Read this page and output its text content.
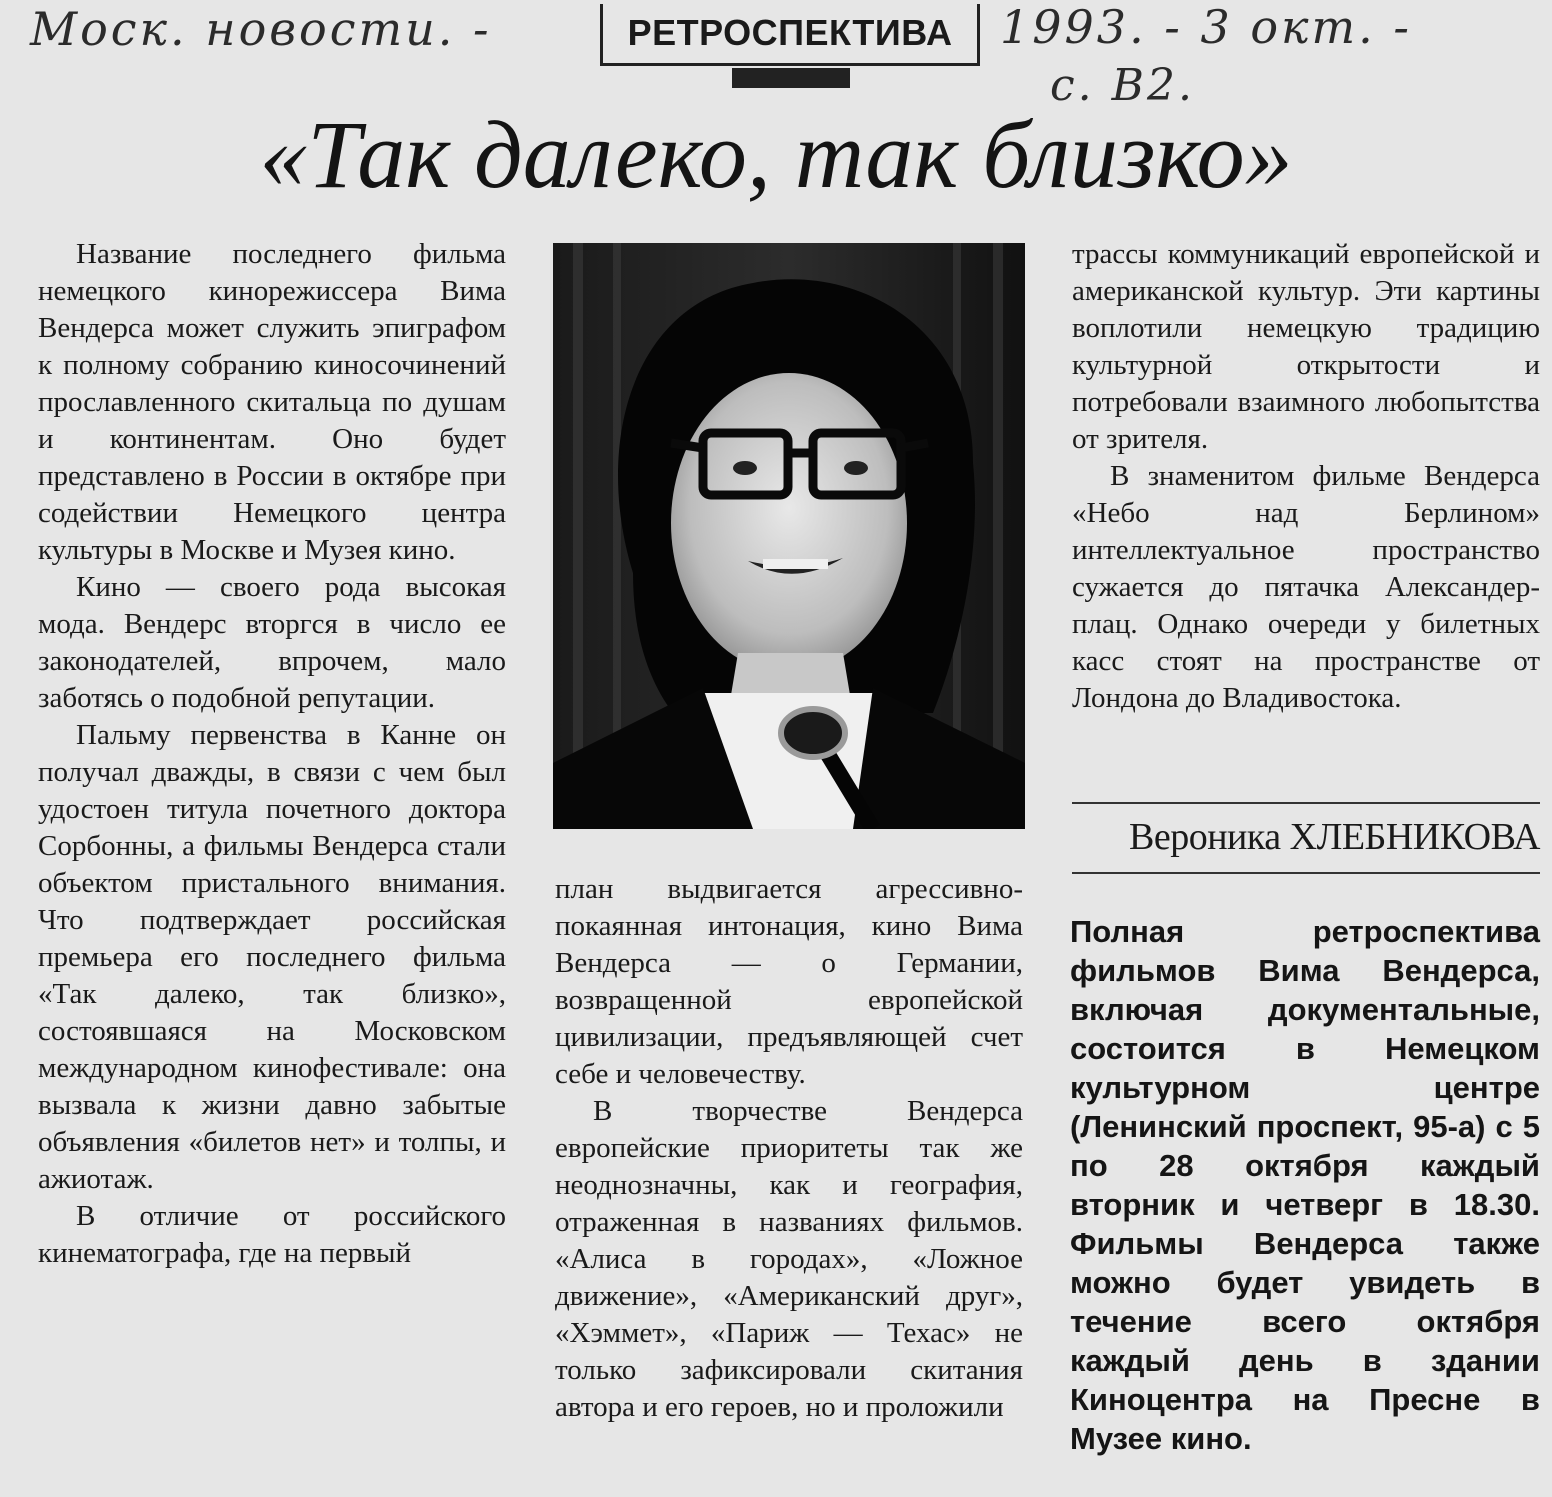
Моск. новости. -	1993. - 3 окт. -
с. В2.
РЕТРОСПЕКТИВА
«Так далеко, так близко»

Название последнего фильма немецкого кинорежиссера Вима Вендерса может служить эпиграфом к полному собранию киносочинений прославленного скитальца по душам и континентам. Оно будет представлено в России в октябре при содействии Немецкого центра культуры в Москве и Музея кино.

Кино — своего рода высокая мода. Вендерс вторгся в число ее законодателей, впрочем, мало заботясь о подобной репутации.

Пальму первенства в Канне он получал дважды, в связи с чем был удостоен титула почетного доктора Сорбонны, а фильмы Вендерса стали объектом пристального внимания. Что подтверждает российская премьера его последнего фильма «Так далеко, так близко», состоявшаяся на Московском международном кинофестивале: она вызвала к жизни давно забытые объявления «билетов нет» и толпы, и ажиотаж.

В отличие от российского кинематографа, где на первый

план выдвигается агрессивно-покаянная интонация, кино Вима Вендерса — о Германии, возвращенной европейской цивилизации, предъявляющей счет себе и человечеству.

В творчестве Вендерса европейские приоритеты так же неоднозначны, как и география, отраженная в названиях фильмов. «Алиса в городах», «Ложное движение», «Американский друг», «Хэммет», «Париж — Техас» не только зафиксировали скитания автора и его героев, но и проложили

трассы коммуникаций европейской и американской культур. Эти картины воплотили немецкую традицию культурной открытости и потребовали взаимного любопытства от зрителя.

В знаменитом фильме Вендерса «Небо над Берлином» интеллектуальное пространство сужается до пятачка Александер-плац. Однако очереди у билетных касс стоят на пространстве от Лондона до Владивостока.

Вероника ХЛЕБНИКОВА
Полная ретроспектива фильмов Вима Вендерса, включая документальные, состоится в Немецком культурном центре (Ленинский проспект, 95-а) с 5 по 28 октября каждый вторник и четверг в 18.30. Фильмы Вендерса также можно будет увидеть в течение всего октября каждый день в здании Киноцентра на Пресне в Музее кино.
